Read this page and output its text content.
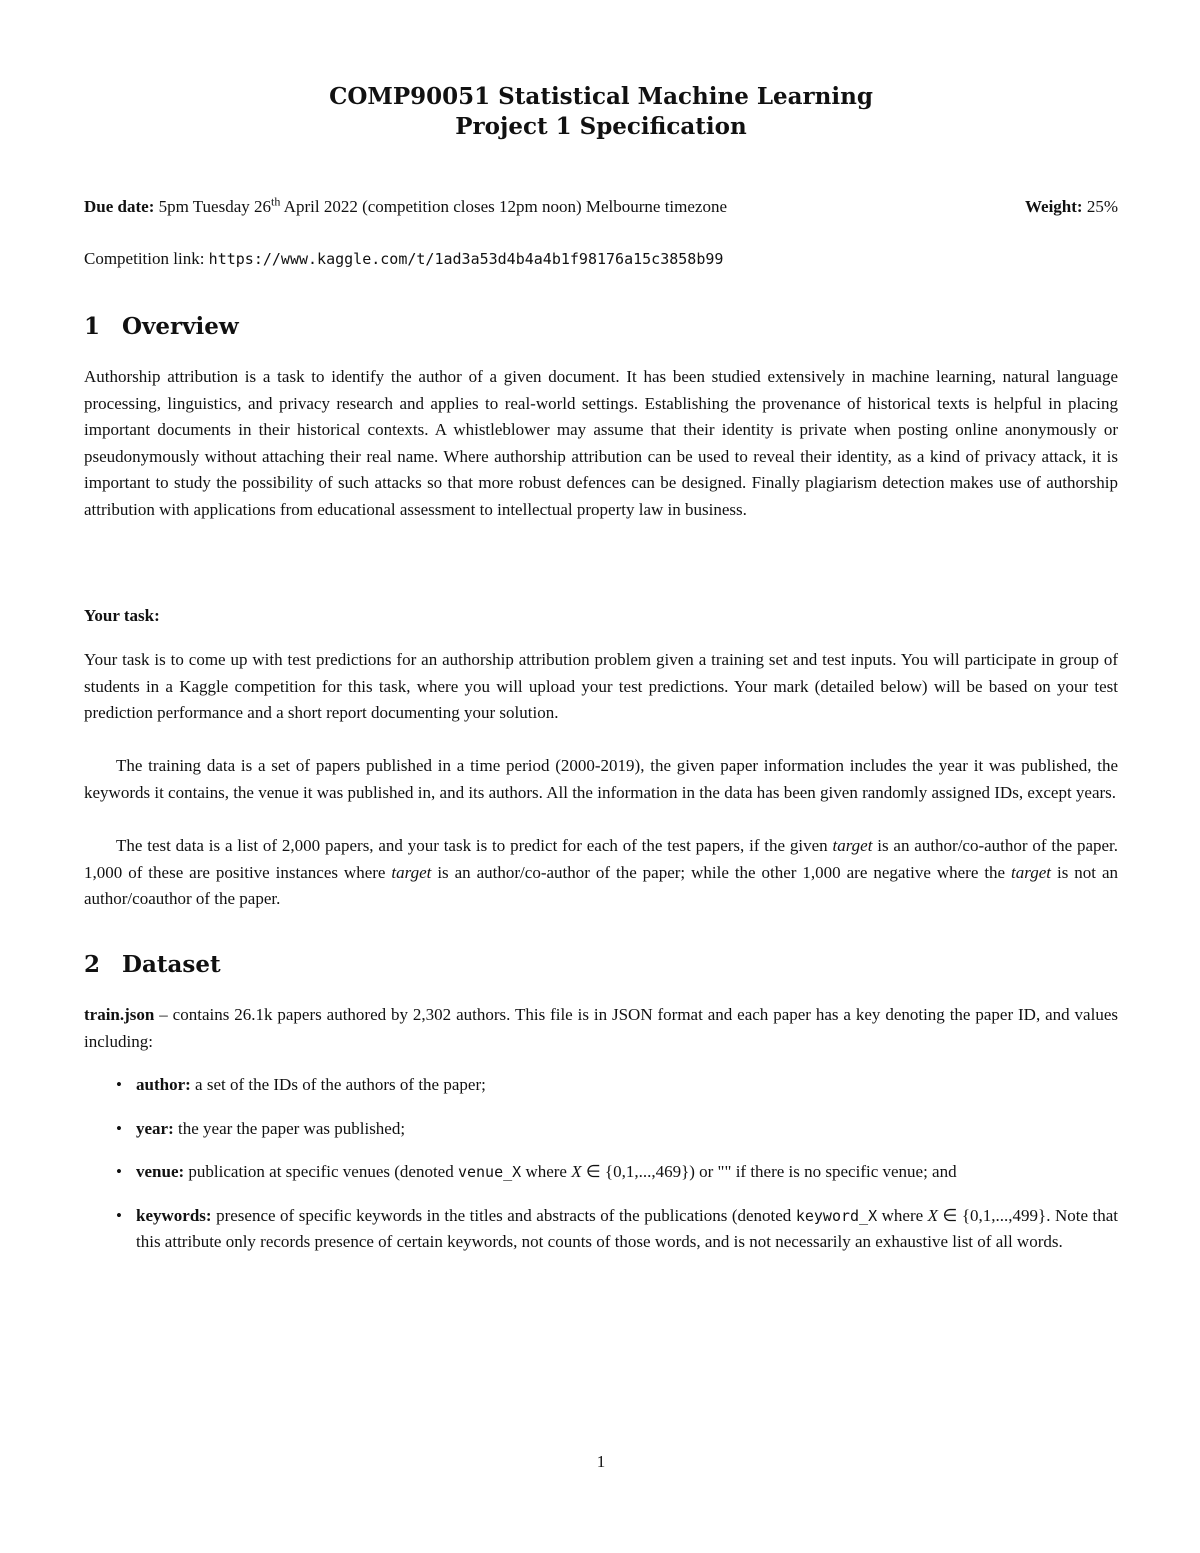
COMP90051 Statistical Machine Learning
Project 1 Specification
Due date: 5pm Tuesday 26th April 2022 (competition closes 12pm noon) Melbourne timezone	Weight: 25%
Competition link: https://www.kaggle.com/t/1ad3a53d4b4a4b1f98176a15c3858b99
1 Overview
Authorship attribution is a task to identify the author of a given document. It has been studied extensively in machine learning, natural language processing, linguistics, and privacy research and applies to real-world settings. Establishing the provenance of historical texts is helpful in placing important documents in their historical contexts. A whistleblower may assume that their identity is private when posting online anonymously or pseudonymously without attaching their real name. Where authorship attribution can be used to reveal their identity, as a kind of privacy attack, it is important to study the possibility of such attacks so that more robust defences can be designed. Finally plagiarism detection makes use of authorship attribution with applications from educational assessment to intellectual property law in business.
Your task:
Your task is to come up with test predictions for an authorship attribution problem given a training set and test inputs. You will participate in group of students in a Kaggle competition for this task, where you will upload your test predictions. Your mark (detailed below) will be based on your test prediction performance and a short report documenting your solution.
The training data is a set of papers published in a time period (2000-2019), the given paper information includes the year it was published, the keywords it contains, the venue it was published in, and its authors. All the information in the data has been given randomly assigned IDs, except years.
The test data is a list of 2,000 papers, and your task is to predict for each of the test papers, if the given target is an author/co-author of the paper. 1,000 of these are positive instances where target is an author/co-author of the paper; while the other 1,000 are negative where the target is not an author/coauthor of the paper.
2 Dataset
train.json – contains 26.1k papers authored by 2,302 authors. This file is in JSON format and each paper has a key denoting the paper ID, and values including:
• author: a set of the IDs of the authors of the paper;
• year: the year the paper was published;
• venue: publication at specific venues (denoted venue_X where X ∈ {0,1,...,469}) or "" if there is no specific venue; and
• keywords: presence of specific keywords in the titles and abstracts of the publications (denoted keyword_X where X ∈ {0,1,...,499}. Note that this attribute only records presence of certain keywords, not counts of those words, and is not necessarily an exhaustive list of all words.
1
